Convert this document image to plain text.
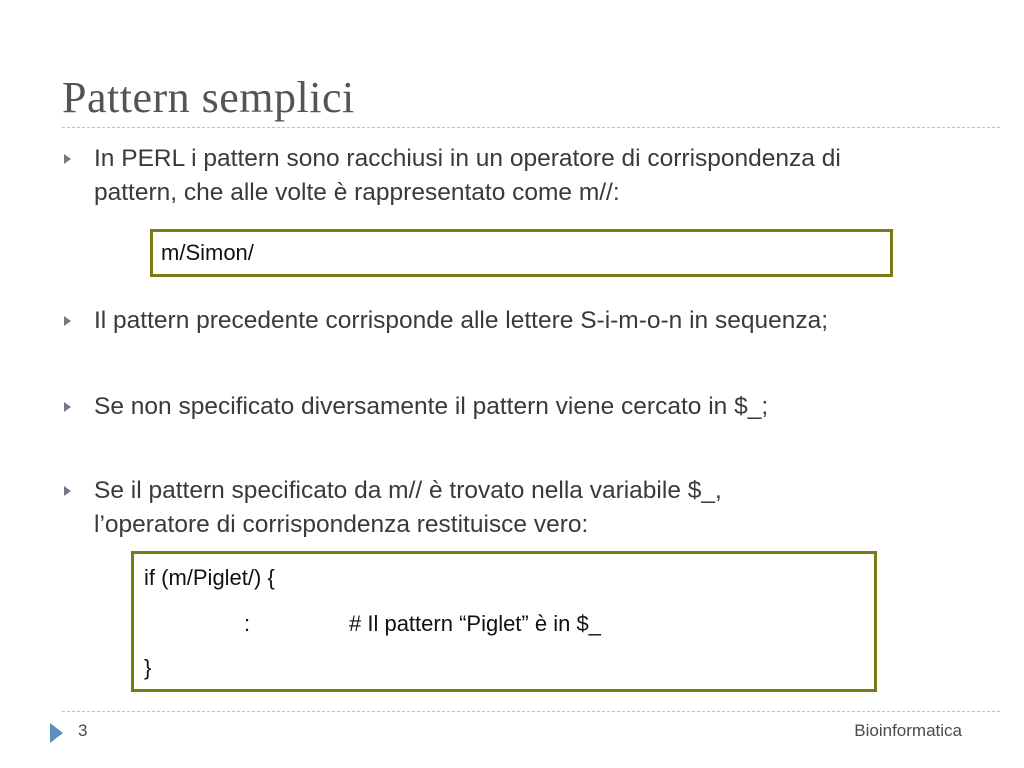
Pattern semplici
In PERL i pattern sono racchiusi in un operatore di corrispondenza di
pattern, che alle volte è rappresentato come m//:
m/Simon/
Il pattern precedente corrisponde alle lettere S-i-m-o-n in sequenza;
Se non specificato diversamente il pattern viene cercato in $_;
Se il pattern specificato da m// è trovato nella variabile $_,
l’operatore di corrispondenza restituisce vero:
if (m/Piglet/) {
:	# Il pattern “Piglet” è in $_
}
3	Bioinformatica
